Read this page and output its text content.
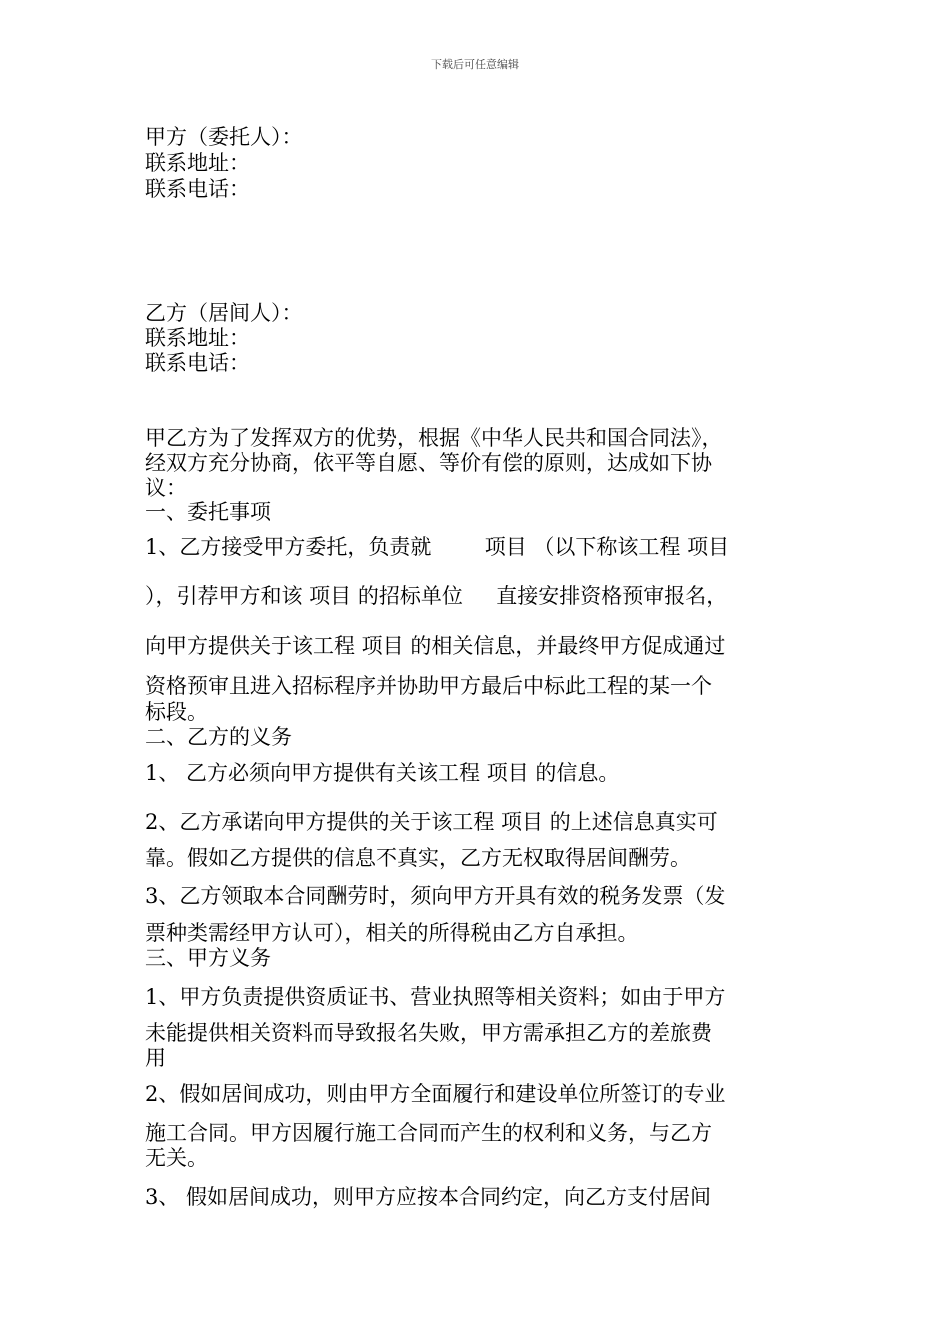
下载后可任意编辑

甲方（委托人）：

联系地址：

联系电话：

乙方（居间人）：

联系地址：

联系电话：

甲乙方为了发挥双方的优势，根据《中华人民共和国合同法》，

经双方充分协商，依平等自愿、等价有偿的原则，达成如下协

议：

一、委托事项

1、乙方接受甲方委托，负责就        项目 （以下称该工程 项目

），引荐甲方和该 项目 的招标单位     直接安排资格预审报名，

向甲方提供关于该工程 项目 的相关信息，并最终甲方促成通过

资格预审且进入招标程序并协助甲方最后中标此工程的某一个

标段。

二、乙方的义务

1、 乙方必须向甲方提供有关该工程 项目 的信息。

2、乙方承诺向甲方提供的关于该工程 项目 的上述信息真实可

靠。假如乙方提供的信息不真实，乙方无权取得居间酬劳。

3、乙方领取本合同酬劳时，须向甲方开具有效的税务发票（发

票种类需经甲方认可），相关的所得税由乙方自承担。

三、甲方义务

1、甲方负责提供资质证书、营业执照等相关资料；如由于甲方

未能提供相关资料而导致报名失败，甲方需承担乙方的差旅费

用

2、假如居间成功，则由甲方全面履行和建设单位所签订的专业

施工合同。甲方因履行施工合同而产生的权利和义务，与乙方

无关。

3、 假如居间成功，则甲方应按本合同约定，向乙方支付居间
